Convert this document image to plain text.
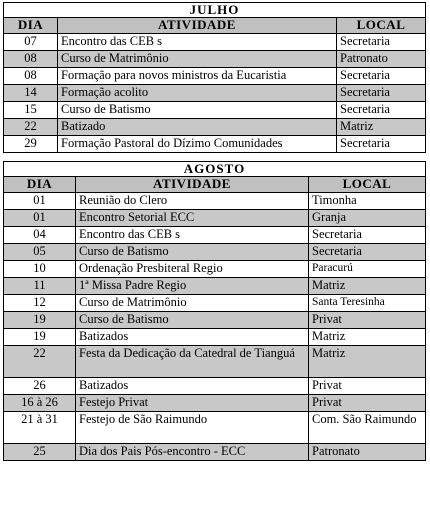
JULHO		
DIA	ATIVIDADE	LOCAL
07	Encontro das CEB s	Secretaria
08	Curso de Matrimônio	Patronato
08	Formação para novos ministros da Eucaristia	Secretaria
14	Formação acolito	Secretaria
15	Curso de Batismo	Secretaria
22	Batizado	Matriz
29	Formação Pastoral do Dízimo Comunidades	Secretaria
AGOSTO		
DIA	ATIVIDADE	LOCAL
01	Reunião do Clero	Timonha
01	Encontro Setorial ECC	Granja
04	Encontro das CEB s	Secretaria
05	Curso de Batismo	Secretaria
10	Ordenação Presbiteral Regio	Paracurú
11	1ª Missa Padre Regio	Matriz
12	Curso de Matrimônio	Santa Teresinha
19	Curso de Batismo	Privat
19	Batizados	Matriz
22	Festa da Dedicação da Catedral de Tianguá	Matriz
26	Batizados	Privat
16 à 26	Festejo Privat	Privat
21 à 31	Festejo de São Raimundo	Com. São Raimundo
25	Dia dos Pais Pós-encontro - ECC	Patronato
